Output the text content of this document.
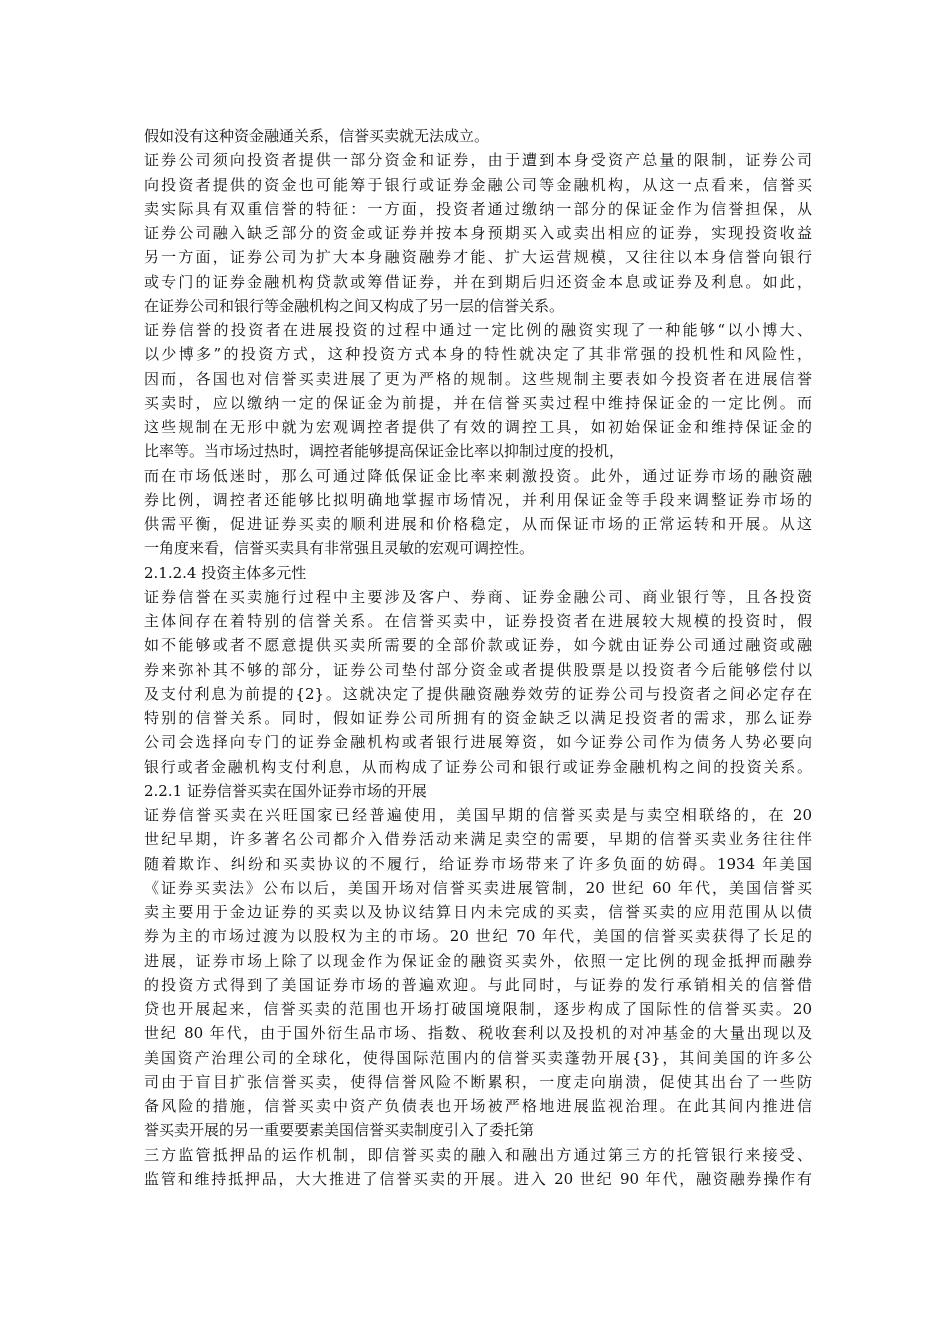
假如没有这种资金融通关系，信誉买卖就无法成立。
证券公司须向投资者提供一部分资金和证券，由于遭到本身受资产总量的限制，证券公司
向投资者提供的资金也可能筹于银行或证券金融公司等金融机构，从这一点看来，信誉买
卖实际具有双重信誉的特征：一方面，投资者通过缴纳一部分的保证金作为信誉担保，从
证券公司融入缺乏部分的资金或证券并按本身预期买入或卖出相应的证券，实现投资收益
另一方面，证券公司为扩大本身融资融券才能、扩大运营规模，又往往以本身信誉向银行
或专门的证券金融机构贷款或筹借证券，并在到期后归还资金本息或证券及利息。如此，
在证券公司和银行等金融机构之间又构成了另一层的信誉关系。
证券信誉的投资者在进展投资的过程中通过一定比例的融资实现了一种能够“以小博大、
以少博多”的投资方式，这种投资方式本身的特性就决定了其非常强的投机性和风险性，
因而，各国也对信誉买卖进展了更为严格的规制。这些规制主要表如今投资者在进展信誉
买卖时，应以缴纳一定的保证金为前提，并在信誉买卖过程中维持保证金的一定比例。而
这些规制在无形中就为宏观调控者提供了有效的调控工具，如初始保证金和维持保证金的
比率等。当市场过热时，调控者能够提高保证金比率以抑制过度的投机，
而在市场低迷时，那么可通过降低保证金比率来刺激投资。此外，通过证券市场的融资融
券比例，调控者还能够比拟明确地掌握市场情况，并利用保证金等手段来调整证券市场的
供需平衡，促进证券买卖的顺利进展和价格稳定，从而保证市场的正常运转和开展。从这
一角度来看，信誉买卖具有非常强且灵敏的宏观可调控性。
2.1.2.4 投资主体多元性
证券信誉在买卖施行过程中主要涉及客户、券商、证券金融公司、商业银行等，且各投资
主体间存在着特别的信誉关系。在信誉买卖中，证券投资者在进展较大规模的投资时，假
如不能够或者不愿意提供买卖所需要的全部价款或证券，如今就由证券公司通过融资或融
券来弥补其不够的部分，证券公司垫付部分资金或者提供股票是以投资者今后能够偿付以
及支付利息为前提的{2}。这就决定了提供融资融券效劳的证券公司与投资者之间必定存在
特别的信誉关系。同时，假如证券公司所拥有的资金缺乏以满足投资者的需求，那么证券
公司会选择向专门的证券金融机构或者银行进展筹资，如今证券公司作为债务人势必要向
银行或者金融机构支付利息，从而构成了证券公司和银行或证券金融机构之间的投资关系。
2.2.1 证券信誉买卖在国外证券市场的开展
证券信誉买卖在兴旺国家已经普遍使用，美国早期的信誉买卖是与卖空相联络的，在 20
世纪早期，许多著名公司都介入借券活动来满足卖空的需要，早期的信誉买卖业务往往伴
随着欺诈、纠纷和买卖协议的不履行，给证券市场带来了许多负面的妨碍。1934 年美国
《证券买卖法》公布以后，美国开场对信誉买卖进展管制，20 世纪 60 年代，美国信誉买
卖主要用于金边证券的买卖以及协议结算日内未完成的买卖，信誉买卖的应用范围从以债
券为主的市场过渡为以股权为主的市场。20 世纪 70 年代，美国的信誉买卖获得了长足的
进展，证券市场上除了以现金作为保证金的融资买卖外，依照一定比例的现金抵押而融券
的投资方式得到了美国证券市场的普遍欢迎。与此同时，与证券的发行承销相关的信誉借
贷也开展起来，信誉买卖的范围也开场打破国境限制，逐步构成了国际性的信誉买卖。20
世纪 80 年代，由于国外衍生品市场、指数、税收套利以及投机的对冲基金的大量出现以及
美国资产治理公司的全球化，使得国际范围内的信誉买卖蓬勃开展{3}，其间美国的许多公
司由于盲目扩张信誉买卖，使得信誉风险不断累积，一度走向崩溃，促使其出台了一些防
备风险的措施，信誉买卖中资产负债表也开场被严格地进展监视治理。在此其间内推进信
誉买卖开展的另一重要要素美国信誉买卖制度引入了委托第
三方监管抵押品的运作机制，即信誉买卖的融入和融出方通过第三方的托管银行来接受、
监管和维持抵押品，大大推进了信誉买卖的开展。进入 20 世纪 90 年代，融资融券操作有
